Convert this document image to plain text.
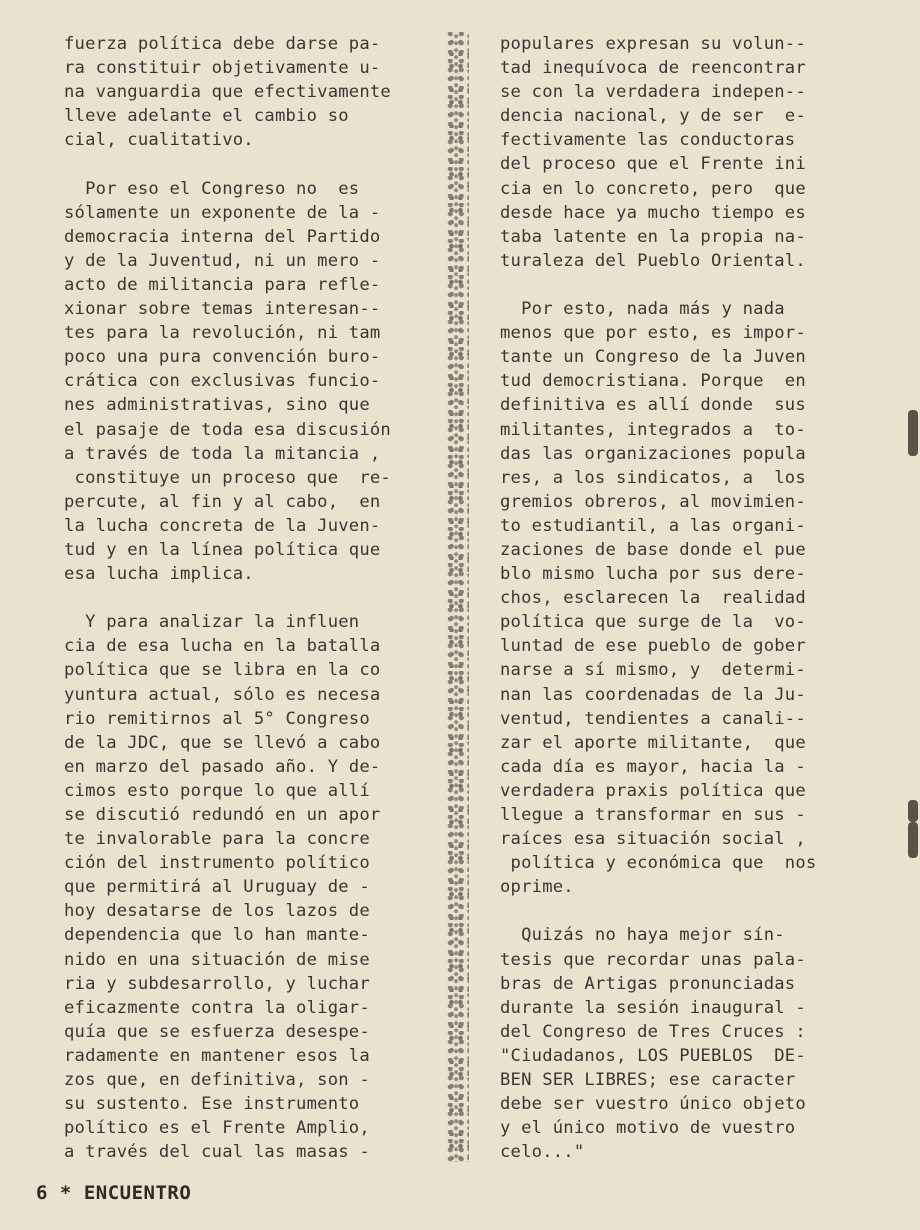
fuerza política debe darse pa-
ra constituir objetivamente u-
na vanguardia que efectivamente
lleve adelante el cambio so
cial, cualitativo.
Por eso el Congreso no  es
sólamente un exponente de la -
democracia interna del Partido
y de la Juventud, ni un mero -
acto de militancia para refle-
xionar sobre temas interesan--
tes para la revolución, ni tam
poco una pura convención buro-
crática con exclusivas funcio-
nes administrativas, sino que
el pasaje de toda esa discusión
a través de toda la mitancia ,
constituye un proceso que  re-
percute, al fin y al cabo,  en
la lucha concreta de la Juven-
tud y en la línea política que
esa lucha implica.
Y para analizar la influen
cia de esa lucha en la batalla
política que se libra en la co
yuntura actual, sólo es necesa
rio remitirnos al 5° Congreso
de la JDC, que se llevó a cabo
en marzo del pasado año. Y de-
cimos esto porque lo que allí
se discutió redundó en un apor
te invalorable para la concre
ción del instrumento político
que permitirá al Uruguay de -
hoy desatarse de los lazos de
dependencia que lo han mante-
nido en una situación de mise
ria y subdesarrollo, y luchar
eficazmente contra la oligar-
quía que se esfuerza desespe-
radamente en mantener esos la
zos que, en definitiva, son -
su sustento. Ese instrumento
político es el Frente Amplio,
a través del cual las masas -
populares expresan su volun--
tad inequívoca de reencontrar
se con la verdadera indepen--
dencia nacional, y de ser  e-
fectivamente las conductoras
del proceso que el Frente ini
cia en lo concreto, pero  que
desde hace ya mucho tiempo es
taba latente en la propia na-
turaleza del Pueblo Oriental.
Por esto, nada más y nada
menos que por esto, es impor-
tante un Congreso de la Juven
tud democristiana. Porque  en
definitiva es allí donde  sus
militantes, integrados a  to-
das las organizaciones popula
res, a los sindicatos, a  los
gremios obreros, al movimien-
to estudiantil, a las organi-
zaciones de base donde el pue
blo mismo lucha por sus dere-
chos, esclarecen la  realidad
política que surge de la  vo-
luntad de ese pueblo de gober
narse a sí mismo, y  determi-
nan las coordenadas de la Ju-
ventud, tendientes a canali--
zar el aporte militante,  que
cada día es mayor, hacia la -
verdadera praxis política que
llegue a transformar en sus -
raíces esa situación social ,
política y económica que  nos
oprime.
Quizás no haya mejor sín-
tesis que recordar unas pala-
bras de Artigas pronunciadas
durante la sesión inaugural -
del Congreso de Tres Cruces :
"Ciudadanos, LOS PUEBLOS  DE-
BEN SER LIBRES; ese caracter
debe ser vuestro único objeto
y el único motivo de vuestro
celo..."
6 * ENCUENTRO
